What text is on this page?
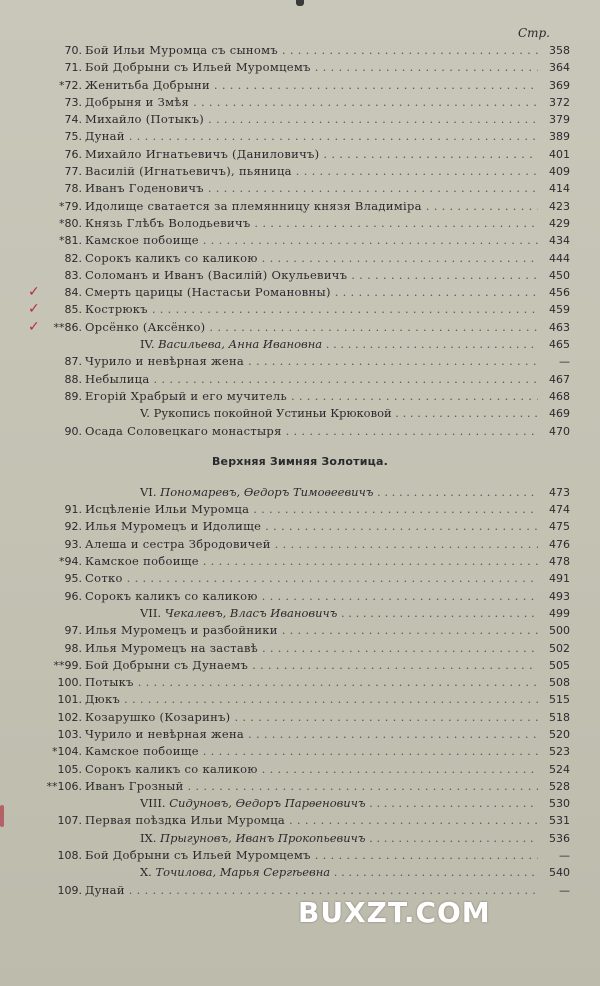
Стр.
70. Бой Ильи Муромца съ сыномъ . . .	358
71. Бой Добрыни съ Ильей Муромцемъ . . .	364
*72. Женитьба Добрыни . . .	369
73. Добрыня и Змѣя . . .	372
74. Михайло (Потыкъ) . . .	379
75. Дунай . . .	389
76. Михайло Игнатьевичъ (Даниловичъ) . . .	401
77. Василій (Игнатьевичъ), пьяница . . .	409
78. Иванъ Годеновичъ . . .	414
*79. Идолище сватается за племянницу князя Владиміра . . .	423
*80. Князь Глѣбъ Володьевичъ . . .	429
*81. Камское побоище . . .	434
82. Сорокъ каликъ со каликою . . .	444
83. Соломанъ и Иванъ (Василій) Окульевичъ . . .	450
✓	84. Смерть царицы (Настасьи Романовны) . . .	456
✓	85. Кострюкъ . . .	459
✓	**86. Орсёнко (Аксёнко) . . .	463
IV. Васильева, Анна Ивановна . . .	465
87. Чурило и невѣрная жена . . .	—
88. Небылица . . .	467
89. Егорій Храбрый и его мучитель . . .	468
V. Рукопись покойной Устиньи Крюковой . . .	469
90. Осада Соловецкаго монастыря . . .	470
Верхняя Зимняя Золотица.
VI. Пономаревъ, Ѳедоръ Тимоѳеевичъ . . .	473
91. Исцѣленіе Ильи Муромца . . .	474
92. Илья Муромецъ и Идолище . . .	475
93. Алеша и сестра Збродовичей . . .	476
*94. Камское побоище . . .	478
95. Сотко . . .	491
96. Сорокъ каликъ со каликою . . .	493
VII. Чекалевъ, Власъ Ивановичъ . . .	499
97. Илья Муромецъ и разбойники . . .	500
98. Илья Муромецъ на заставѣ . . .	502
**99. Бой Добрыни съ Дунаемъ . . .	505
100. Потыкъ . . .	508
101. Дюкъ . . .	515
102. Козарушко (Козаринъ) . . .	518
103. Чурило и невѣрная жена . . .	520
*104. Камское побоище . . .	523
105. Сорокъ каликъ со каликою . . .	524
**106. Иванъ Грозный . . .	528
VIII. Сидуновъ, Ѳедоръ Парѳеновичъ . . .	530
107. Первая поѣздка Ильи Муромца . . .	531
IX. Прыгуновъ, Иванъ Прокопьевичъ . . .	536
108. Бой Добрыни съ Ильей Муромцемъ . . .	—
X. Точилова, Марья Сергѣевна . . .	540
109. Дунай . . .	—
BUXZT.COM
